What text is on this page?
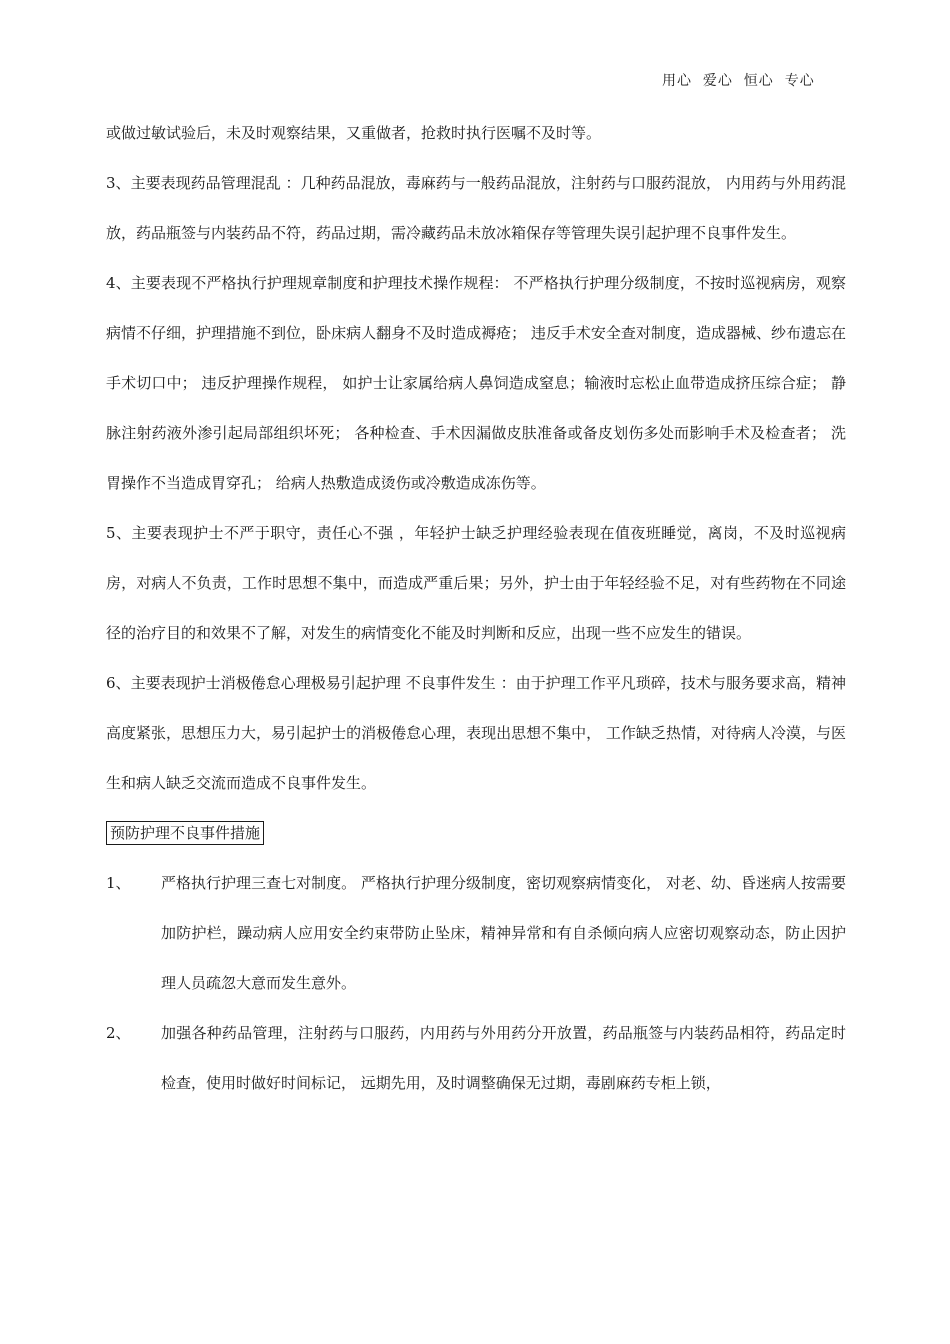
用心  爱心  恒心  专心

或做过敏试验后，未及时观察结果，又重做者，抢救时执行医嘱不及时等。

3、主要表现药品管理混乱 ：几种药品混放，毒麻药与一般药品混放，注射药与口服药混放， 内用药与外用药混放，药品瓶签与内装药品不符，药品过期，需冷藏药品未放冰箱保存等管理失误引起护理不良事件发生。

4、主要表现不严格执行护理规章制度和护理技术操作规程： 不严格执行护理分级制度，不按时巡视病房，观察病情不仔细，护理措施不到位，卧床病人翻身不及时造成褥疮； 违反手术安全查对制度，造成器械、纱布遗忘在手术切口中； 违反护理操作规程， 如护士让家属给病人鼻饲造成窒息；输液时忘松止血带造成挤压综合症； 静脉注射药液外渗引起局部组织坏死； 各种检查、手术因漏做皮肤准备或备皮划伤多处而影响手术及检查者； 洗胃操作不当造成胃穿孔； 给病人热敷造成烫伤或冷敷造成冻伤等。

5、主要表现护士不严于职守，责任心不强 ，年轻护士缺乏护理经验表现在值夜班睡觉，离岗，不及时巡视病房，对病人不负责，工作时思想不集中，而造成严重后果；另外，护士由于年轻经验不足，对有些药物在不同途径的治疗目的和效果不了解，对发生的病情变化不能及时判断和反应，出现一些不应发生的错误。

6、主要表现护士消极倦怠心理极易引起护理 不良事件发生 ：由于护理工作平凡琐碎，技术与服务要求高，精神高度紧张，思想压力大，易引起护士的消极倦怠心理，表现出思想不集中， 工作缺乏热情，对待病人冷漠，与医生和病人缺乏交流而造成不良事件发生。

预防护理不良事件措施
1、 严格执行护理三查七对制度。 严格执行护理分级制度，密切观察病情变化， 对老、幼、昏迷病人按需要加防护栏，躁动病人应用安全约束带防止坠床，精神异常和有自杀倾向病人应密切观察动态，防止因护理人员疏忽大意而发生意外。
2、 加强各种药品管理，注射药与口服药，内用药与外用药分开放置，药品瓶签与内装药品相符，药品定时检查，使用时做好时间标记， 远期先用，及时调整确保无过期，毒剧麻药专柜上锁，
